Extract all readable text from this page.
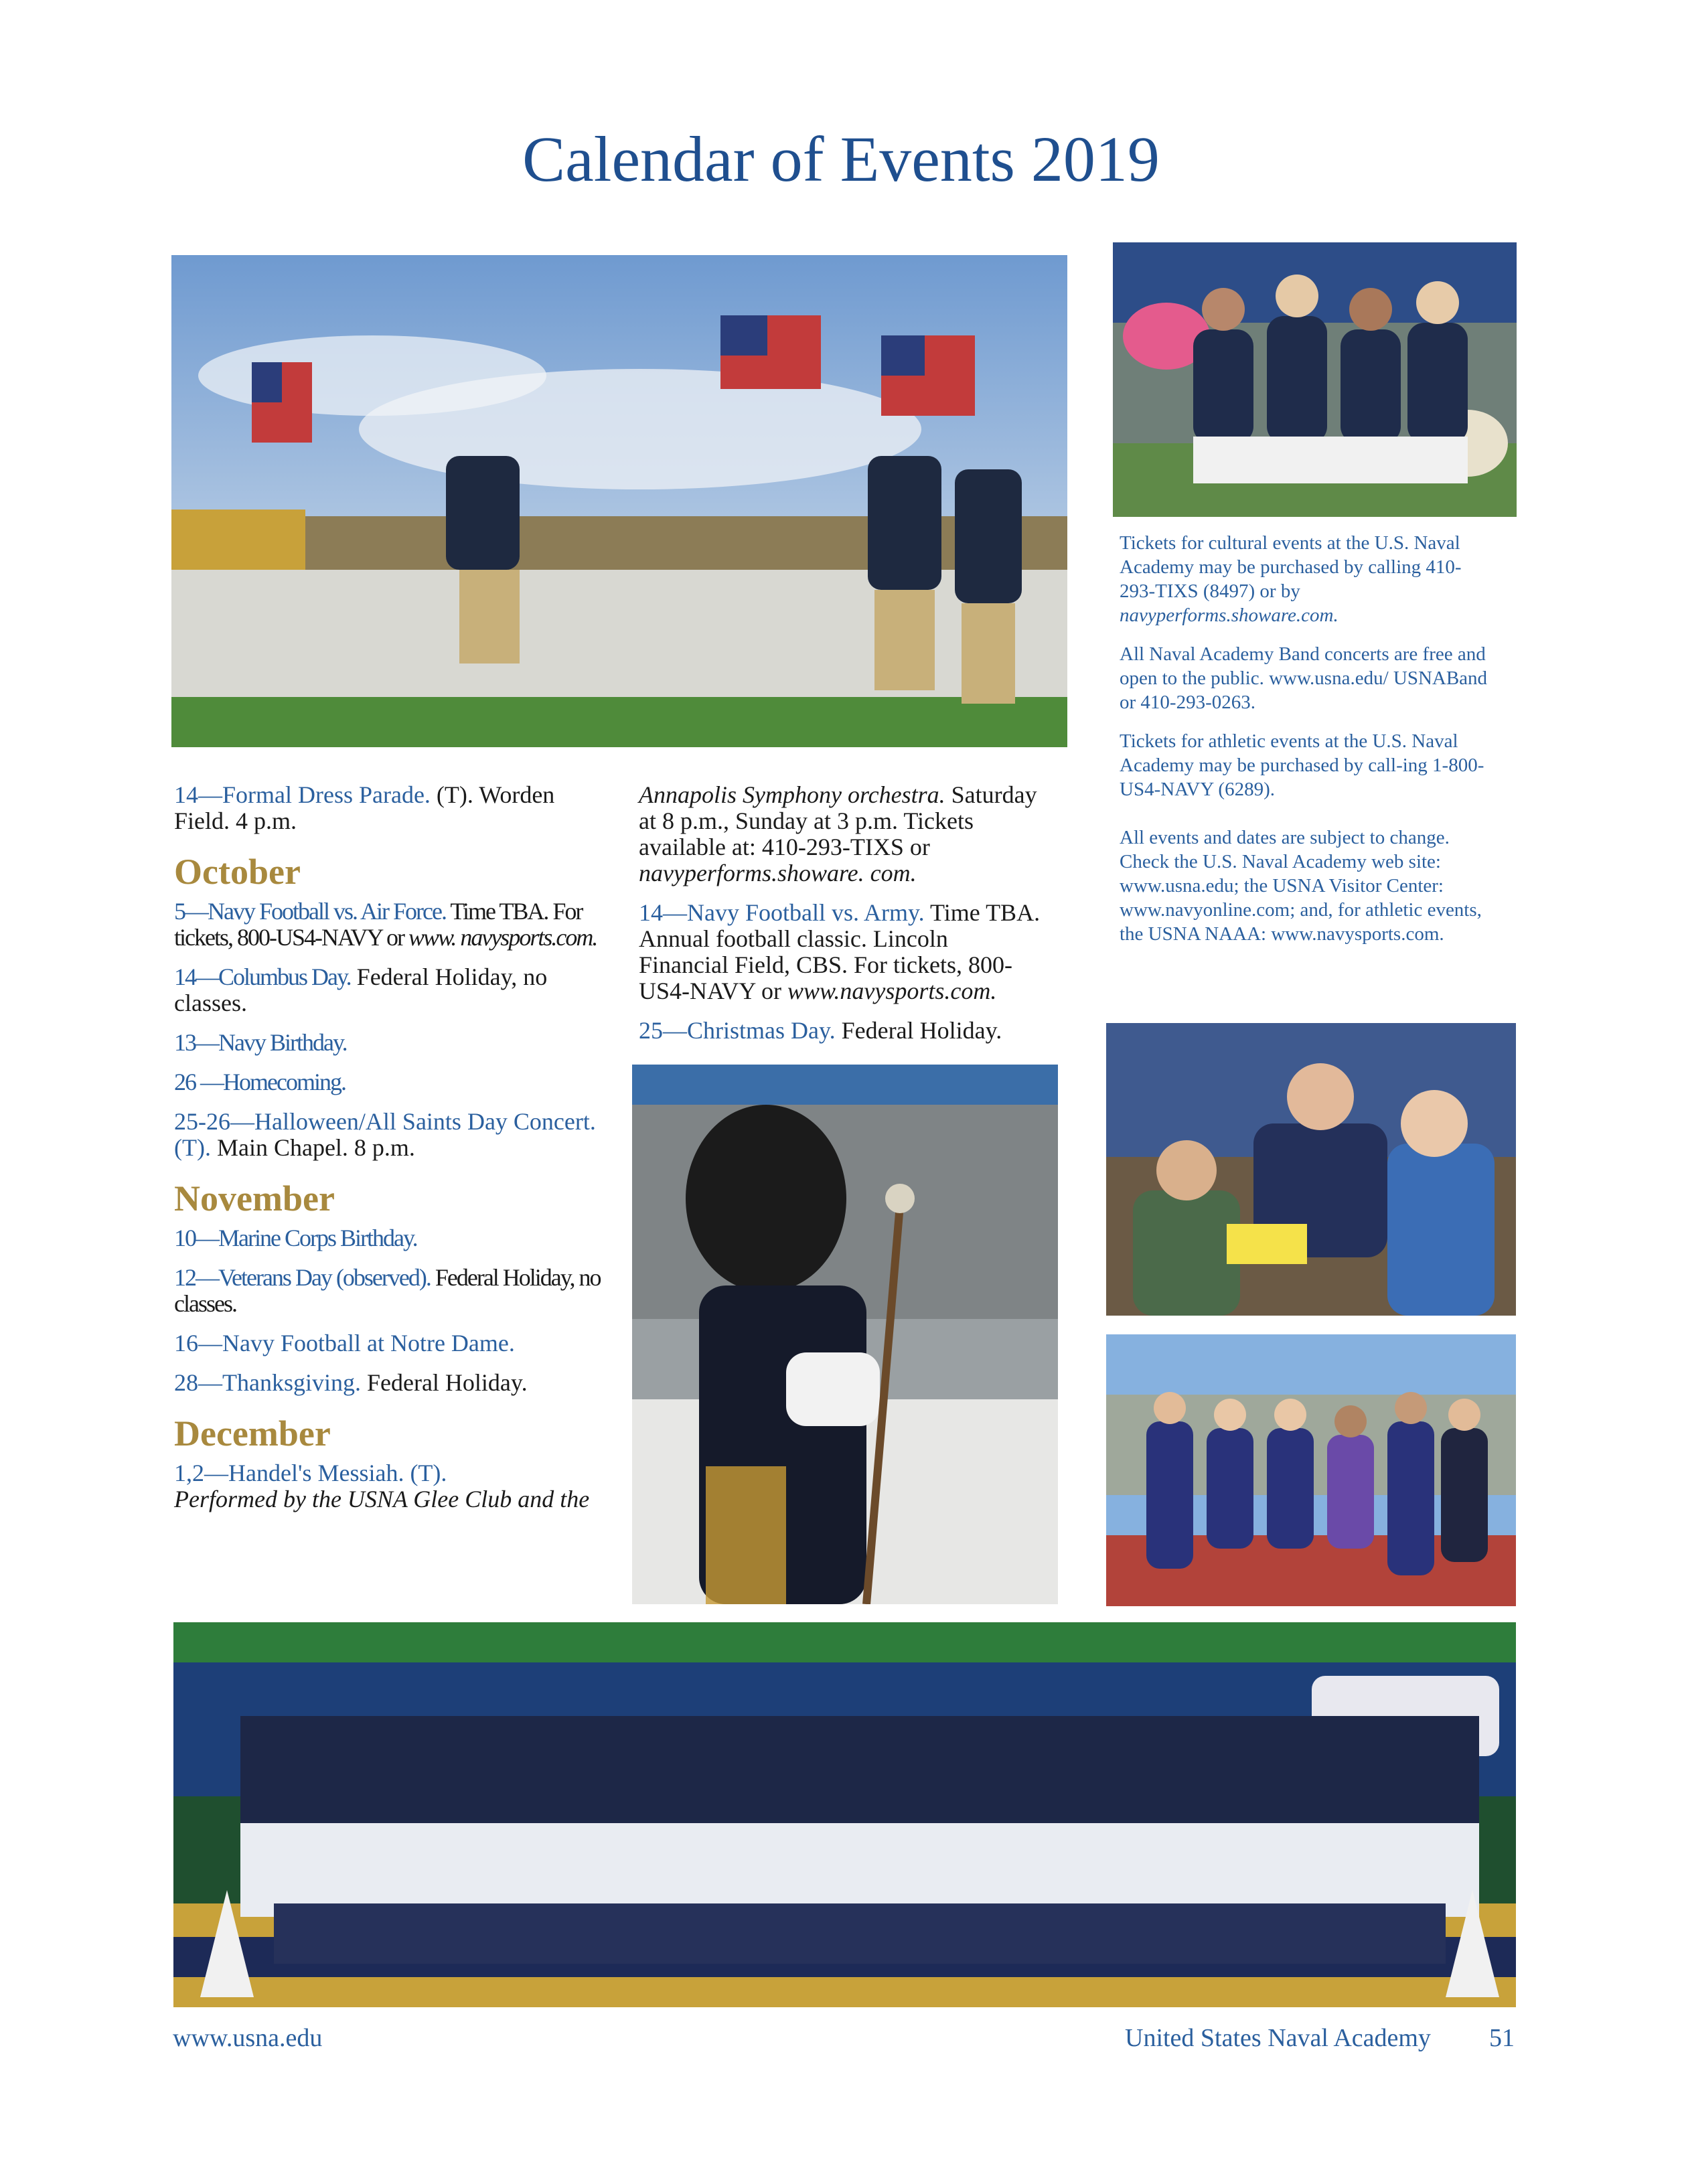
Calendar of Events 2019

14—Formal Dress Parade. (T). Worden Field. 4 p.m.

October

5—Navy Football vs. Air Force. Time TBA. For tickets, 800-US4-NAVY or www. navysports.com.

14—Columbus Day. Federal Holiday, no classes.

13—Navy Birthday.

26 —Homecoming.

25-26—Halloween/All Saints Day Concert. (T). Main Chapel. 8 p.m.

November

10—Marine Corps Birthday.

12—Veterans Day (observed). Federal Holiday, no classes.

16—Navy Football at Notre Dame.

28—Thanksgiving. Federal Holiday.

December

1,2—Handel's Messiah. (T).
Performed by the USNA Glee Club and the

Annapolis Symphony orchestra. Saturday at 8 p.m., Sunday at 3 p.m. Tickets available at: 410-293-TIXS or navyperforms.showare. com.

14—Navy Football vs. Army. Time TBA. Annual football classic. Lincoln Financial Field, CBS. For tickets, 800-US4-NAVY or www.navysports.com.

25—Christmas Day. Federal Holiday.

Tickets for cultural events at the U.S. Naval Academy may be purchased by calling 410-293-TIXS (8497) or by navyperforms.showare.com.

All Naval Academy Band concerts are free and open to the public. www.usna.edu/ USNABand or 410-293-0263.

Tickets for athletic events at the U.S. Naval Academy may be purchased by call-ing 1-800-US4-NAVY (6289).

All events and dates are subject to change. Check the U.S. Naval Academy web site: www.usna.edu; the USNA Visitor Center: www.navyonline.com; and, for athletic events, the USNA NAAA: www.navysports.com.

www.usna.edu	United States Naval Academy 51
